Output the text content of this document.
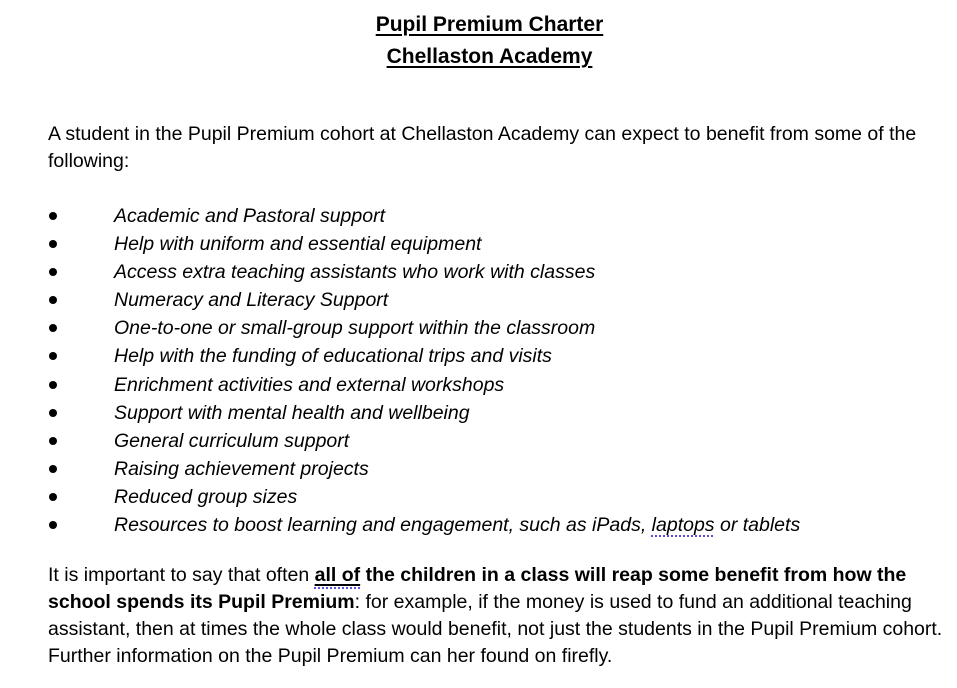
Pupil Premium Charter
Chellaston Academy

A student in the Pupil Premium cohort at Chellaston Academy can expect to benefit from some of the following:

Academic and Pastoral support
Help with uniform and essential equipment
Access extra teaching assistants who work with classes
Numeracy and Literacy Support
One-to-one or small-group support within the classroom
Help with the funding of educational trips and visits
Enrichment activities and external workshops
Support with mental health and wellbeing
General curriculum support
Raising achievement projects
Reduced group sizes
Resources to boost learning and engagement, such as iPads, laptops or tablets

It is important to say that often all of the children in a class will reap some benefit from how the school spends its Pupil Premium: for example, if the money is used to fund an additional teaching assistant, then at times the whole class would benefit, not just the students in the Pupil Premium cohort. Further information on the Pupil Premium can her found on firefly.
